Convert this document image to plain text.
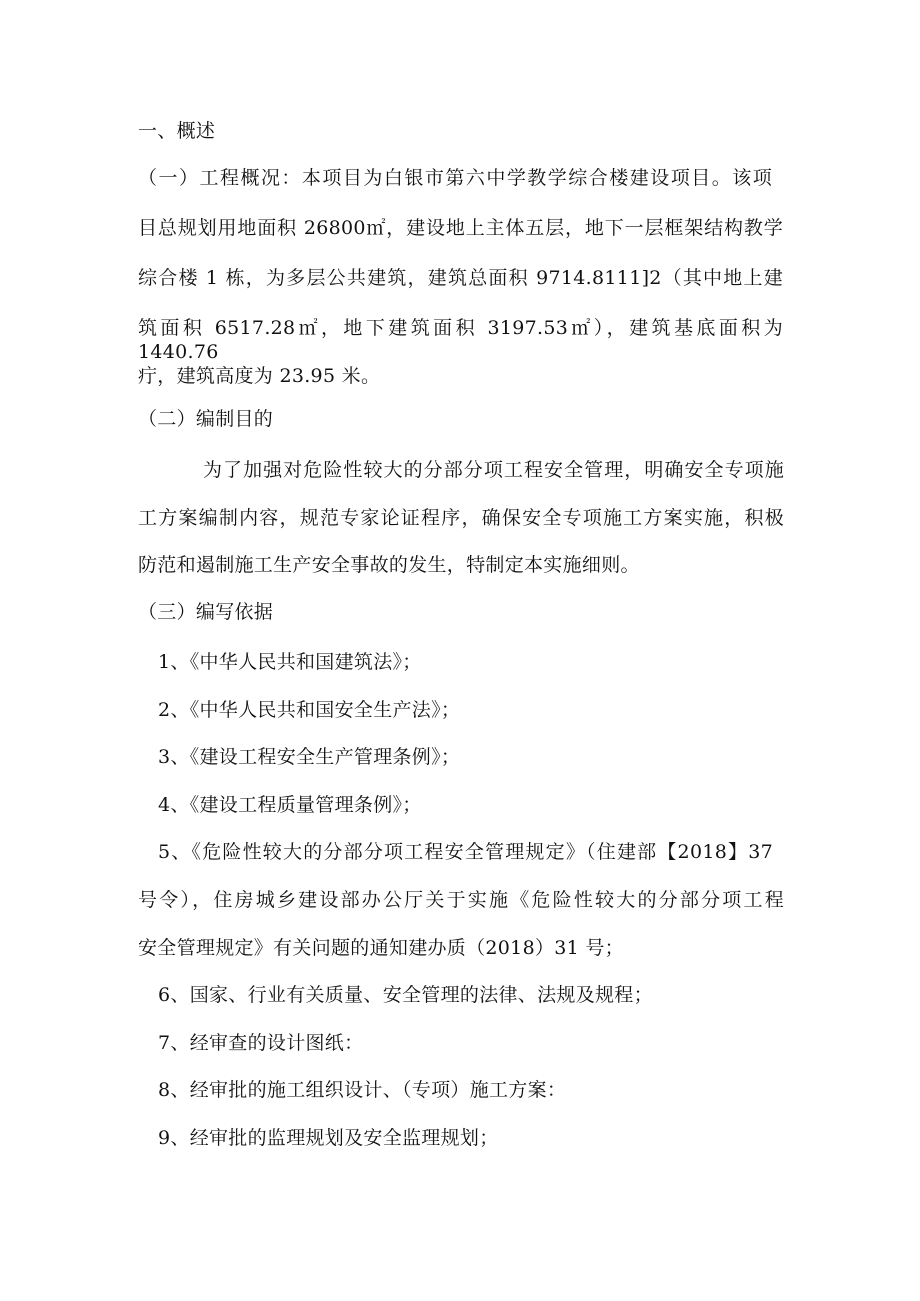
一、概述
（一）工程概况：本项目为白银市第六中学教学综合楼建设项目。该项
目总规划用地面积 26800㎡，建设地上主体五层，地下一层框架结构教学
综合楼 1 栋，为多层公共建筑，建筑总面积 9714.8111]2（其中地上建
筑面积 6517.28㎡，地下建筑面积 3197.53㎡），建筑基底面积为 1440.76
疔，建筑高度为 23.95 米。
（二）编制目的
为了加强对危险性较大的分部分项工程安全管理，明确安全专项施
工方案编制内容，规范专家论证程序，确保安全专项施工方案实施，积极
防范和遏制施工生产安全事故的发生，特制定本实施细则。
（三）编写依据
1、《中华人民共和国建筑法》；
2、《中华人民共和国安全生产法》；
3、《建设工程安全生产管理条例》；
4、《建设工程质量管理条例》；
5、《危险性较大的分部分项工程安全管理规定》（住建部【2018】37
号令），住房城乡建设部办公厅关于实施《危险性较大的分部分项工程
安全管理规定》有关问题的通知建办质（2018）31 号；
6、国家、行业有关质量、安全管理的法律、法规及规程；
7、经审查的设计图纸：
8、经审批的施工组织设计、（专项）施工方案：
9、经审批的监理规划及安全监理规划；
